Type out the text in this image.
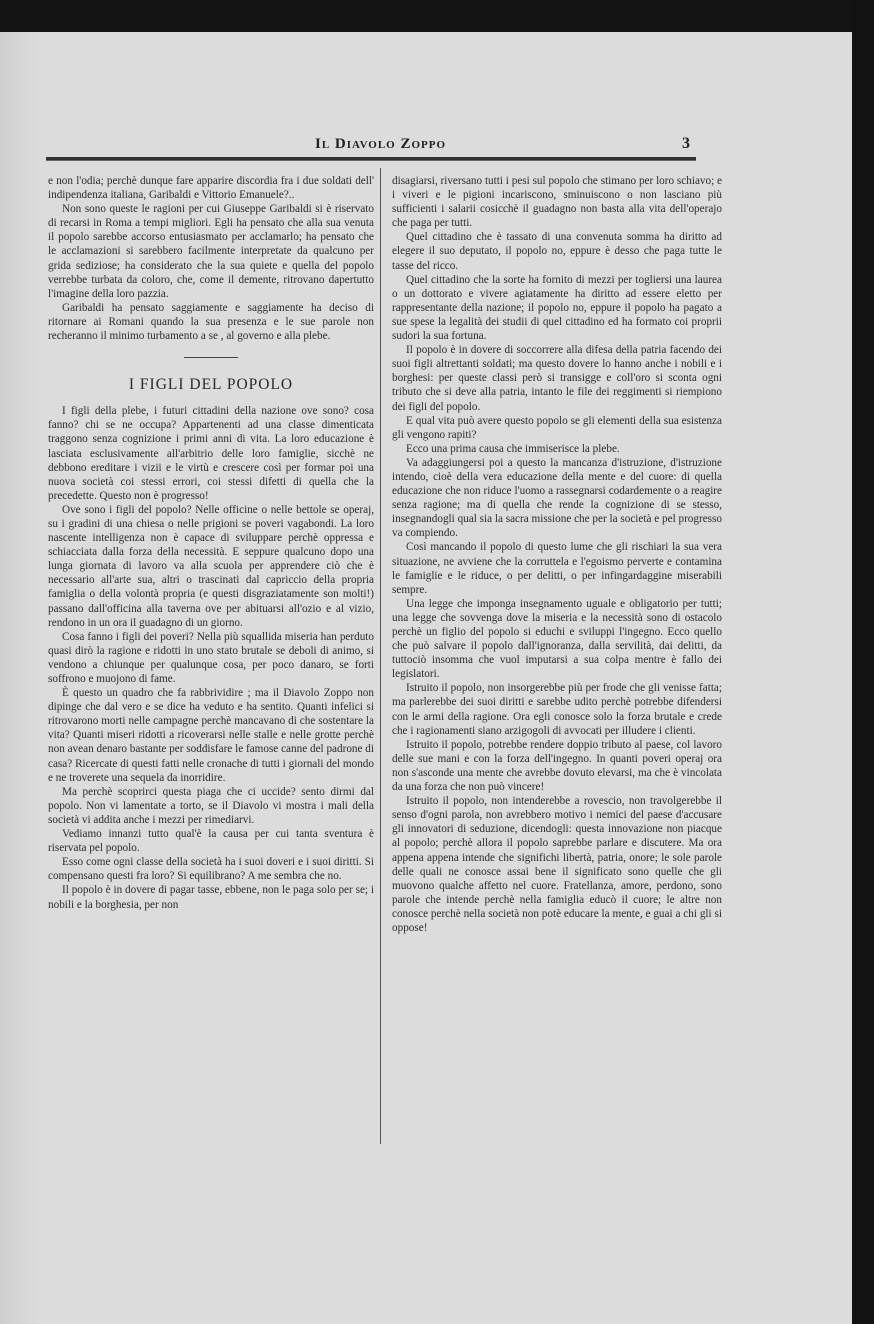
Il Diavolo Zoppo	3

e non l'odia; perchè dunque fare apparire discordia fra i due soldati dell' indipendenza italiana, Garibaldi e Vittorio Emanuele?..

Non sono queste le ragioni per cui Giuseppe Garibaldi si è riservato di recarsi in Roma a tempi migliori. Egli ha pensato che alla sua venuta il popolo sarebbe accorso entusiasmato per acclamarlo; ha pensato che le acclamazioni si sarebbero facilmente interpretate da qualcuno per grida sediziose; ha considerato che la sua quiete e quella del popolo verrebbe turbata da coloro, che, come il demente, ritrovano dapertutto l'imagine della loro pazzia.

Garibaldi ha pensato saggiamente e saggiamente ha deciso di ritornare ai Romani quando la sua presenza e le sue parole non recheranno il minimo turbamento a se , al governo e alla plebe.

I FIGLI DEL POPOLO

I figli della plebe, i futuri cittadini della nazione ove sono? cosa fanno? chi se ne occupa? Appartenenti ad una classe dimenticata traggono senza cognizione i primi anni di vita. La loro educazione è lasciata esclusivamente all'arbitrio delle loro famiglie, sicchè ne debbono ereditare i vizii e le virtù e crescere così per formar poi una nuova società coi stessi errori, coi stessi difetti di quella che la precedette. Questo non è progresso!

Ove sono i figli del popolo? Nelle officine o nelle bettole se operaj, su i gradini di una chiesa o nelle prigioni se poveri vagabondi. La loro nascente intelligenza non è capace di sviluppare perchè oppressa e schiacciata dalla forza della necessità. E seppure qualcuno dopo una lunga giornata di lavoro va alla scuola per apprendere ciò che è necessario all'arte sua, altri o trascinati dal capriccio della propria famiglia o della volontà propria (e questi disgraziatamente son molti!) passano dall'officina alla taverna ove per abituarsi all'ozio e al vizio, rendono in un ora il guadagno di un giorno.

Cosa fanno i figli dei poveri? Nella più squallida miseria han perduto quasi dirò la ragione e ridotti in uno stato brutale se deboli di animo, si vendono a chiunque per qualunque cosa, per poco danaro, se forti soffrono e muojono di fame.

È questo un quadro che fa rabbrividire ; ma il Diavolo Zoppo non dipinge che dal vero e se dice ha veduto e ha sentito. Quanti infelici si ritrovarono morti nelle campagne perchè mancavano di che sostentare la vita? Quanti miseri ridotti a ricoverarsi nelle stalle e nelle grotte perchè non avean denaro bastante per soddisfare le famose canne del padrone di casa? Ricercate di questi fatti nelle cronache di tutti i giornali del mondo e ne troverete una sequela da inorridire.

Ma perchè scoprirci questa piaga che ci uccide? sento dirmi dal popolo. Non vi lamentate a torto, se il Diavolo vi mostra i mali della società vi addita anche i mezzi per rimediarvi.

Vediamo innanzi tutto qual'è la causa per cui tanta sventura è riservata pel popolo.

Esso come ogni classe della società ha i suoi doveri e i suoi diritti. Si compensano questi fra loro? Si equilibrano? A me sembra che no.

Il popolo è in dovere di pagar tasse, ebbene, non le paga solo per se; i nobili e la borghesia, per non

disagiarsi, riversano tutti i pesi sul popolo che stimano per loro schiavo; e i viveri e le pigioni incariscono, sminuiscono o non lasciano più sufficienti i salarii cosicchè il guadagno non basta alla vita dell'operajo che paga per tutti.

Quel cittadino che è tassato di una convenuta somma ha diritto ad elegere il suo deputato, il popolo no, eppure è desso che paga tutte le tasse del ricco.

Quel cittadino che la sorte ha fornito di mezzi per togliersi una laurea o un dottorato e vivere agiatamente ha diritto ad essere eletto per rappresentante della nazione; il popolo no, eppure il popolo ha pagato a sue spese la legalità dei studii di quel cittadino ed ha formato coi proprii sudori la sua fortuna.

Il popolo è in dovere di soccorrere alla difesa della patria facendo dei suoi figli altrettanti soldati; ma questo dovere lo hanno anche i nobili e i borghesi: per queste classi però si transigge e coll'oro si sconta ogni tributo che si deve alla patria, intanto le file dei reggimenti si riempiono dei figli del popolo.

E qual vita può avere questo popolo se gli elementi della sua esistenza gli vengono rapiti?

Ecco una prima causa che immiserisce la plebe.

Va adaggiungersi poi a questo la mancanza d'istruzione, d'istruzione intendo, cioè della vera educazione della mente e del cuore: di quella educazione che non riduce l'uomo a rassegnarsi codardemente o a reagire senza ragione; ma di quella che rende la cognizione di se stesso, insegnandogli qual sia la sacra missione che per la società e pel progresso va compiendo.

Così mancando il popolo di questo lume che gli rischiari la sua vera situazione, ne avviene che la corruttela e l'egoismo perverte e contamina le famiglie e le riduce, o per delitti, o per infingardaggine miserabili sempre.

Una legge che imponga insegnamento uguale e obligatorio per tutti; una legge che sovvenga dove la miseria e la necessità sono di ostacolo perchè un figlio del popolo si educhi e sviluppi l'ingegno. Ecco quello che può salvare il popolo dall'ignoranza, dalla servilità, dai delitti, da tuttociò insomma che vuol imputarsi a sua colpa mentre è fallo dei legislatori.

Istruito il popolo, non insorgerebbe più per frode che gli venisse fatta; ma parlerebbe dei suoi diritti e sarebbe udito perchè potrebbe difendersi con le armi della ragione. Ora egli conosce solo la forza brutale e crede che i ragionamenti siano arzigogoli di avvocati per illudere i clienti.

Istruito il popolo, potrebbe rendere doppio tributo al paese, col lavoro delle sue mani e con la forza dell'ingegno. In quanti poveri operaj ora non s'asconde una mente che avrebbe dovuto elevarsi, ma che è vincolata da una forza che non può vincere!

Istruito il popolo, non intenderebbe a rovescio, non travolgerebbe il senso d'ogni parola, non avrebbero motivo i nemici del paese d'accusare gli innovatori di seduzione, dicendogli: questa innovazione non piacque al popolo; perchè allora il popolo saprebbe parlare e discutere. Ma ora appena appena intende che significhi libertà, patria, onore; le sole parole delle quali ne conosce assai bene il significato sono quelle che gli muovono qualche affetto nel cuore. Fratellanza, amore, perdono, sono parole che intende perchè nella famiglia educò il cuore; le altre non conosce perchè nella società non potè educare la mente, e guai a chi gli si oppose!
